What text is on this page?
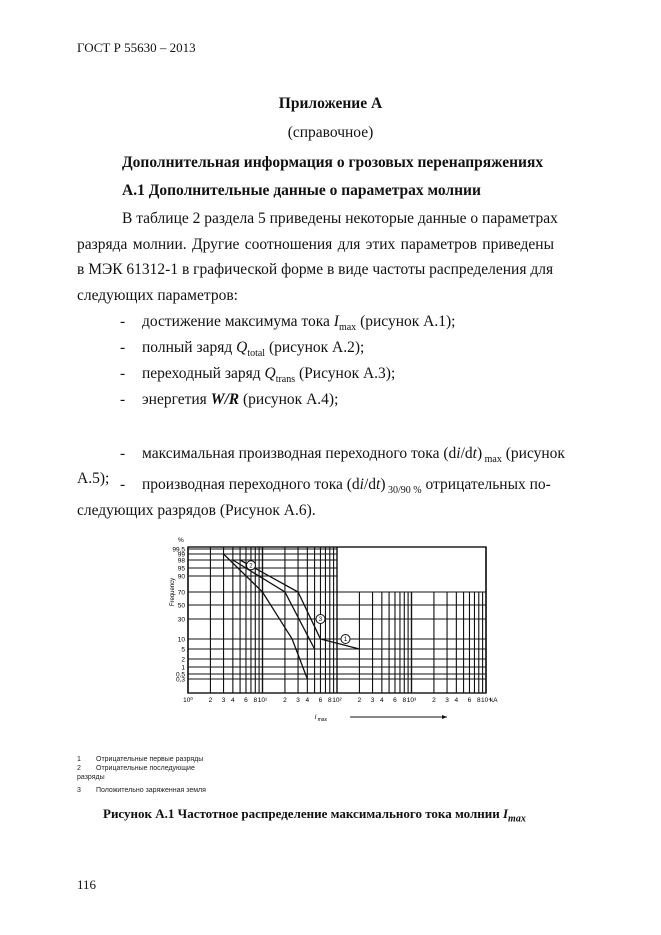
ГОСТ Р 55630 – 2013
Приложение А
(справочное)
Дополнительная информация о грозовых перенапряжениях
А.1 Дополнительные данные о параметрах молнии
В таблице 2 раздела 5 приведены некоторые данные о параметрах
разряда молнии. Другие соотношения для этих параметров приведены
в МЭК 61312-1 в графической форме в виде частоты распределения для
следующих параметров:
- достижение максимума тока $I_{max}$ (рисунок А.1);
- полный заряд $Q_{total}$ (рисунок А.2);
- переходный заряд $Q_{trans}$ (Рисунок А.3);
- энергетия W/R (рисунок А.4);
- максимальная производная переходного тока (di/dt) $_{max}$ (рисунок
А.5); - производная переходного тока (di/dt) $_{30/90 \%}$ отрицательных по-
следующих разрядов (Рисунок А.6).
99,5
99
98
95
90
70
50
30
10
5
2
1
0,5
0,3
%
Frequency
10⁰ 2 3 4 6 8 10¹ 2 3 4 6 8 10² 2 3 4 6 8 10³ 2 3 4 6 8 10⁴
kA
I max
1
2
3
1 Отрицательные первые разряды
2 Отрицательные последующие
разряды
3 Положительно заряженная земля
Рисунок А.1 Частотное распределение максимального тока молнии $I_{max}$
116
